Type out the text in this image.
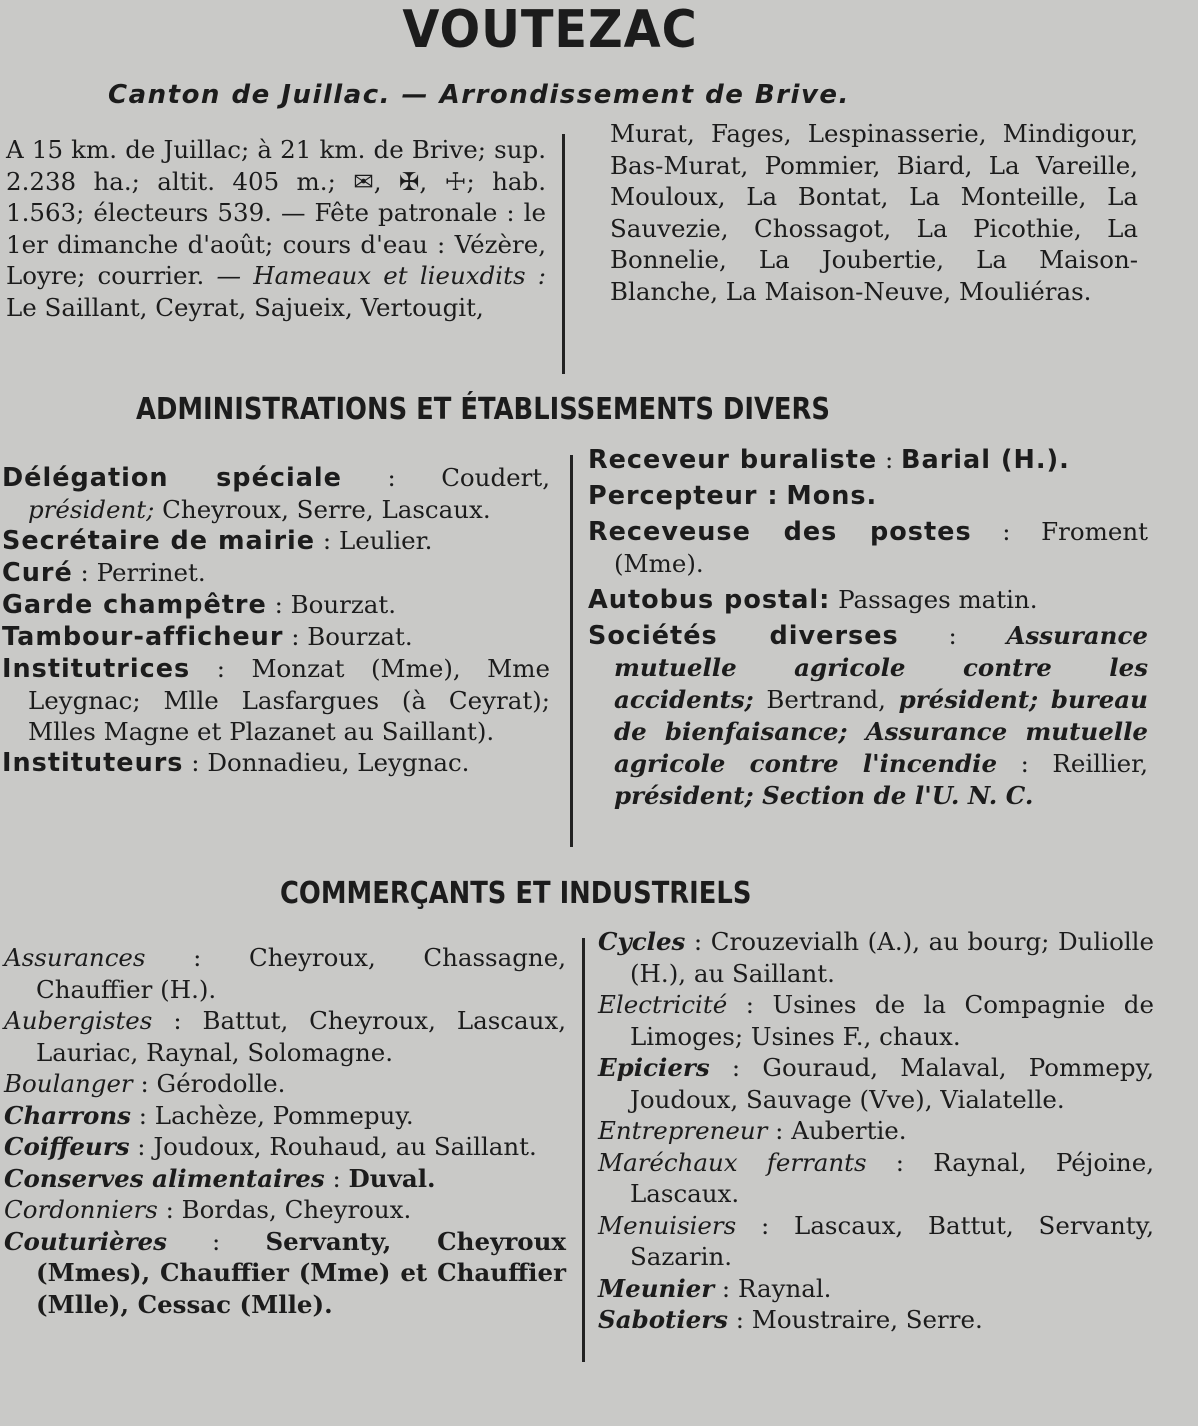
VOUTEZAC
Canton de Juillac. — Arrondissement de Brive.
A 15 km. de Juillac; à 21 km. de Brive; sup. 2.238 ha.; altit. 405 m.; ✉, ✠, ☩; hab. 1.563; électeurs 539. — Fête patronale : le 1er dimanche d'août; cours d'eau : Vézère, Loyre; courrier. — Hameaux et lieuxdits : Le Saillant, Ceyrat, Sajueix, Vertougit,
Murat, Fages, Lespinasserie, Mindigour, Bas-Murat, Pommier, Biard, La Vareille, Mouloux, La Bontat, La Monteille, La Sauvezie, Chossagot, La Picothie, La Bonnelie, La Joubertie, La Maison-Blanche, La Maison-Neuve, Mouliéras.
ADMINISTRATIONS ET ÉTABLISSEMENTS DIVERS

Délégation spéciale : Coudert, président; Cheyroux, Serre, Lascaux.

Secrétaire de mairie : Leulier.

Curé : Perrinet.

Garde champêtre : Bourzat.

Tambour-afficheur : Bourzat.

Institutrices : Monzat (Mme), Mme Leygnac; Mlle Lasfargues (à Ceyrat); Mlles Magne et Plazanet au Saillant).

Instituteurs : Donnadieu, Leygnac.

Receveur buraliste : Barial (H.).

Percepteur : Mons.

Receveuse des postes : Froment (Mme).

Autobus postal: Passages matin.

Sociétés diverses : Assurance mutuelle agricole contre les accidents; Bertrand, président; bureau de bienfaisance; Assurance mutuelle agricole contre l'incendie : Reillier, président; Section de l'U. N. C.

COMMERÇANTS ET INDUSTRIELS

Assurances : Cheyroux, Chassagne, Chauffier (H.).

Aubergistes : Battut, Cheyroux, Lascaux, Lauriac, Raynal, Solomagne.

Boulanger : Gérodolle.

Charrons : Lachèze, Pommepuy.

Coiffeurs : Joudoux, Rouhaud, au Saillant.

Conserves alimentaires : Duval.

Cordonniers : Bordas, Cheyroux.

Couturières : Servanty, Cheyroux (Mmes), Chauffier (Mme) et Chauffier (Mlle), Cessac (Mlle).

Cycles : Crouzevialh (A.), au bourg; Duliolle (H.), au Saillant.

Electricité : Usines de la Compagnie de Limoges; Usines F., chaux.

Epiciers : Gouraud, Malaval, Pommepy, Joudoux, Sauvage (Vve), Vialatelle.

Entrepreneur : Aubertie.

Maréchaux ferrants : Raynal, Péjoine, Lascaux.

Menuisiers : Lascaux, Battut, Servanty, Sazarin.

Meunier : Raynal.

Sabotiers : Moustraire, Serre.
